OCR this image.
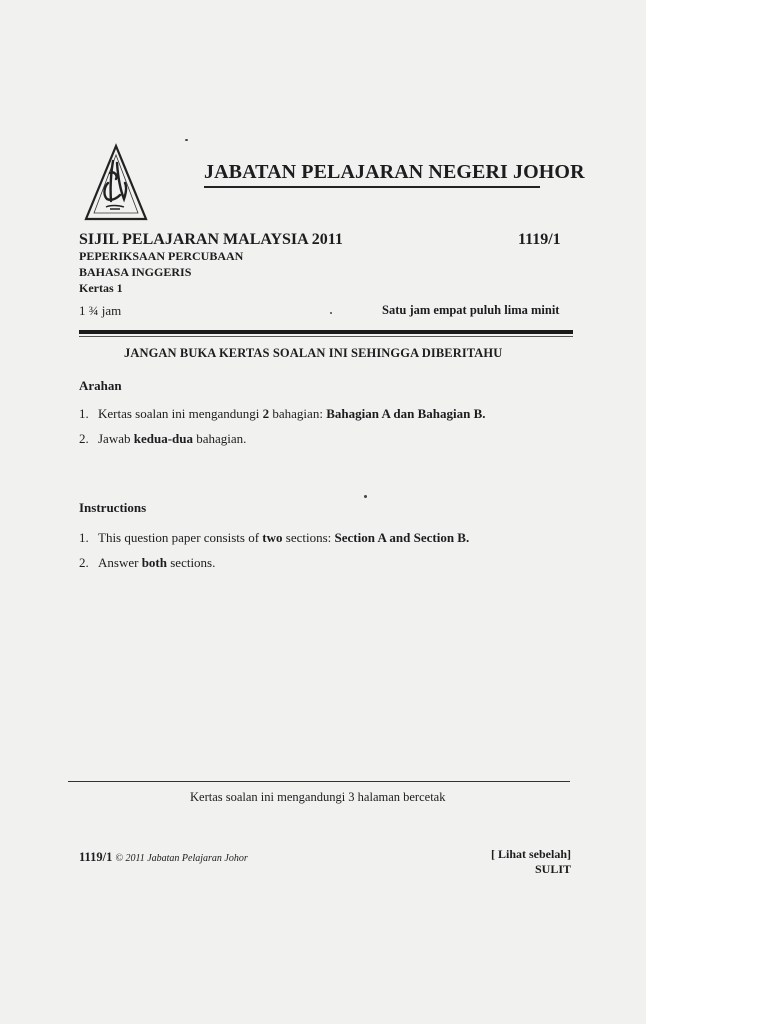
JABATAN PELAJARAN NEGERI JOHOR
SIJIL PELAJARAN MALAYSIA 2011	1119/1
PEPERIKSAAN PERCUBAAN
BAHASA INGGERIS
Kertas 1
1 ¾ jam	Satu jam empat puluh lima minit
JANGAN BUKA KERTAS SOALAN INI SEHINGGA DIBERITAHU
Arahan
1. Kertas soalan ini mengandungi 2 bahagian: Bahagian A dan Bahagian B.
2. Jawab kedua-dua bahagian.
Instructions
1. This question paper consists of two sections: Section A and Section B.
2. Answer both sections.
Kertas soalan ini mengandungi 3 halaman bercetak
1119/1 © 2011 Jabatan Pelajaran Johor	[ Lihat sebelah]
SULIT
